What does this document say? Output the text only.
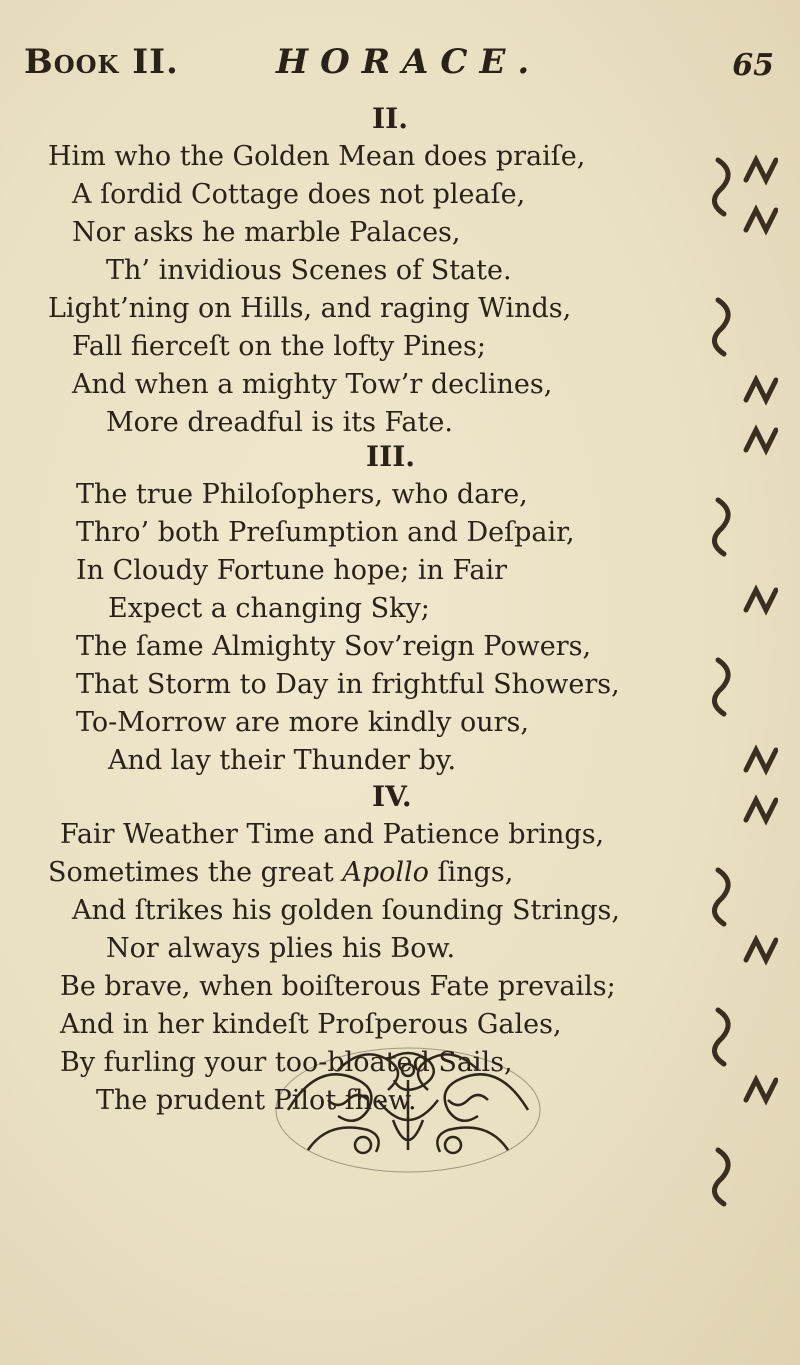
Book II.	HORACE.	65
II.
Him who the Golden Mean does praiſe,
A ſordid Cottage does not pleaſe,
Nor asks he marble Palaces,
Th’ invidious Scenes of State.
Light’ning on Hills, and raging Winds,
Fall fierceſt on the lofty Pines;
And when a mighty Tow’r declines,
More dreadful is its Fate.
III.
The true Philoſophers, who dare,
Thro’ both Preſumption and Deſpair,
In Cloudy Fortune hope; in Fair
Expect a changing Sky;
The ſame Almighty Sov’reign Powers,
That Storm to Day in frightful Showers,
To-Morrow are more kindly ours,
And lay their Thunder by.
IV.
Fair Weather Time and Patience brings,
Sometimes the great Apollo ſings,
And ſtrikes his golden ſounding Strings,
Nor always plies his Bow.
Be brave, when boiſterous Fate prevails;
And in her kindeſt Proſperous Gales,
By furling your too-bloated Sails,
The prudent Pilot ſhew.
